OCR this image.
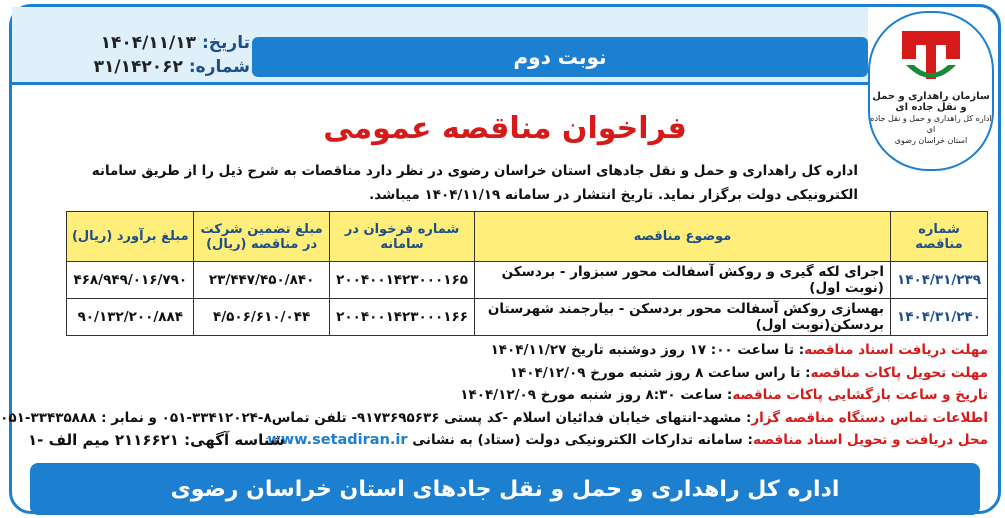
نوبت دوم
تاریخ:
۱۴۰۴/۱۱/۱۳
شماره:
۳۱/۱۴۲۰۶۲
سازمان راهداری و حمل و نقل جاده ای
اداره کل راهداری و حمل و نقل جاده ای
استان خراسان رضوی
فراخوان مناقصه عمومی
اداره کل راهداری و حمل و نقل جادهای استان خراسان رضوی در نظر دارد مناقصات به شرح ذیل را از طریق سامانه الکترونیکی دولت برگزار نماید. تاریخ انتشار در سامانه ۱۴۰۴/۱۱/۱۹ میباشد.
شماره مناقصه	موضوع مناقصه	شماره فرخوان در سامانه	مبلغ تضمین شرکت در مناقصه (ریال)	مبلغ برآورد (ریال)
۱۴۰۴/۳۱/۲۳۹	اجرای لکه گیری و روکش آسفالت محور سبزوار - بردسکن (نوبت اول)	۲۰۰۴۰۰۱۴۲۳۰۰۰۱۶۵	۲۳/۴۴۷/۴۵۰/۸۴۰	۴۶۸/۹۴۹/۰۱۶/۷۹۰
۱۴۰۴/۳۱/۲۴۰	بهسازی روکش آسفالت محور بردسکن - بیارجمند شهرستان بردسکن(نوبت اول)	۲۰۰۴۰۰۱۴۲۳۰۰۰۱۶۶	۴/۵۰۶/۶۱۰/۰۴۴	۹۰/۱۳۲/۲۰۰/۸۸۴
مهلت دریافت اسناد مناقصه: تا ساعت ۰۰: ۱۷ روز دوشنبه تاریخ ۱۴۰۴/۱۱/۲۷
مهلت تحویل پاکات مناقصه: تا راس ساعت ۸ روز شنبه مورخ ۱۴۰۴/۱۲/۰۹
تاریخ و ساعت بازگشایی پاکات مناقصه: ساعت ۸:۳۰ روز شنبه مورخ ۱۴۰۴/۱۲/۰۹
اطلاعات تماس دستگاه مناقصه گزار: مشهد-انتهای خیابان فدائیان اسلام -کد پستی ۹۱۷۳۶۹۵۶۳۶- تلفن تماس۸-۳۳۴۱۲۰۲۴-۰۵۱ و نمابر : ۳۳۴۳۵۸۸۸-۰۵۱
محل دریافت و تحویل اسناد مناقصه: سامانه تدارکات الکترونیکی دولت (ستاد) به نشانی www.setadiran.ir
شناسه آگهی: ۲۱۱۶۶۲۱ میم الف -۱
اداره کل راهداری و حمل و نقل جادهای استان خراسان رضوی
